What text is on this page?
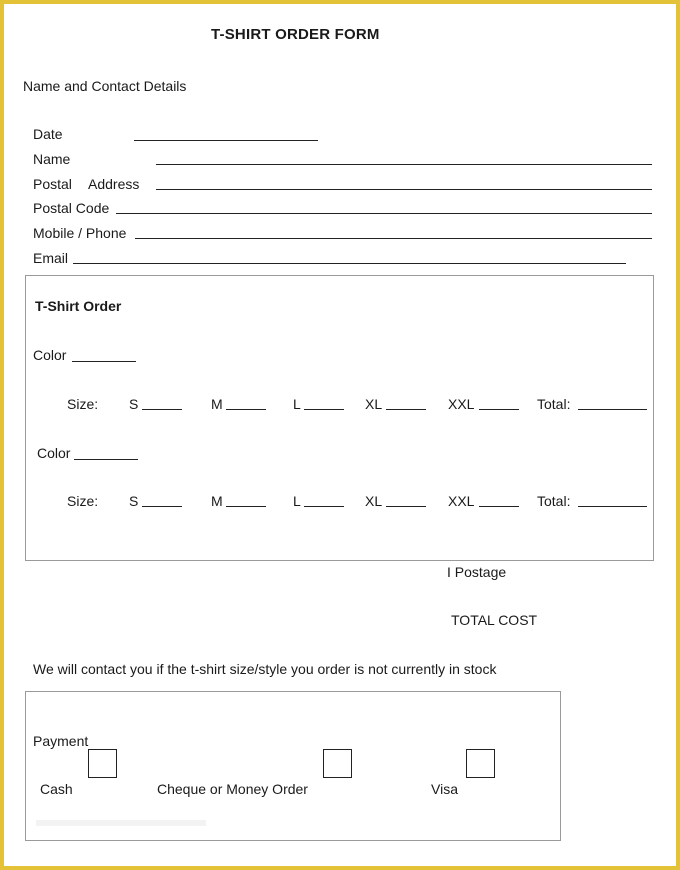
T-SHIRT ORDER FORM
Name and Contact Details
Date
Name
Postal Address
Postal Code
Mobile / Phone
Email
T-Shirt Order
Color
Size: S	M	L	XL	XXL	Total:
Color
Size: S	M	L	XL	XXL	Total:
I Postage
TOTAL COST
We will contact you if the t-shirt size/style you order is not currently in stock
Payment
Cash	Cheque or Money Order	Visa
